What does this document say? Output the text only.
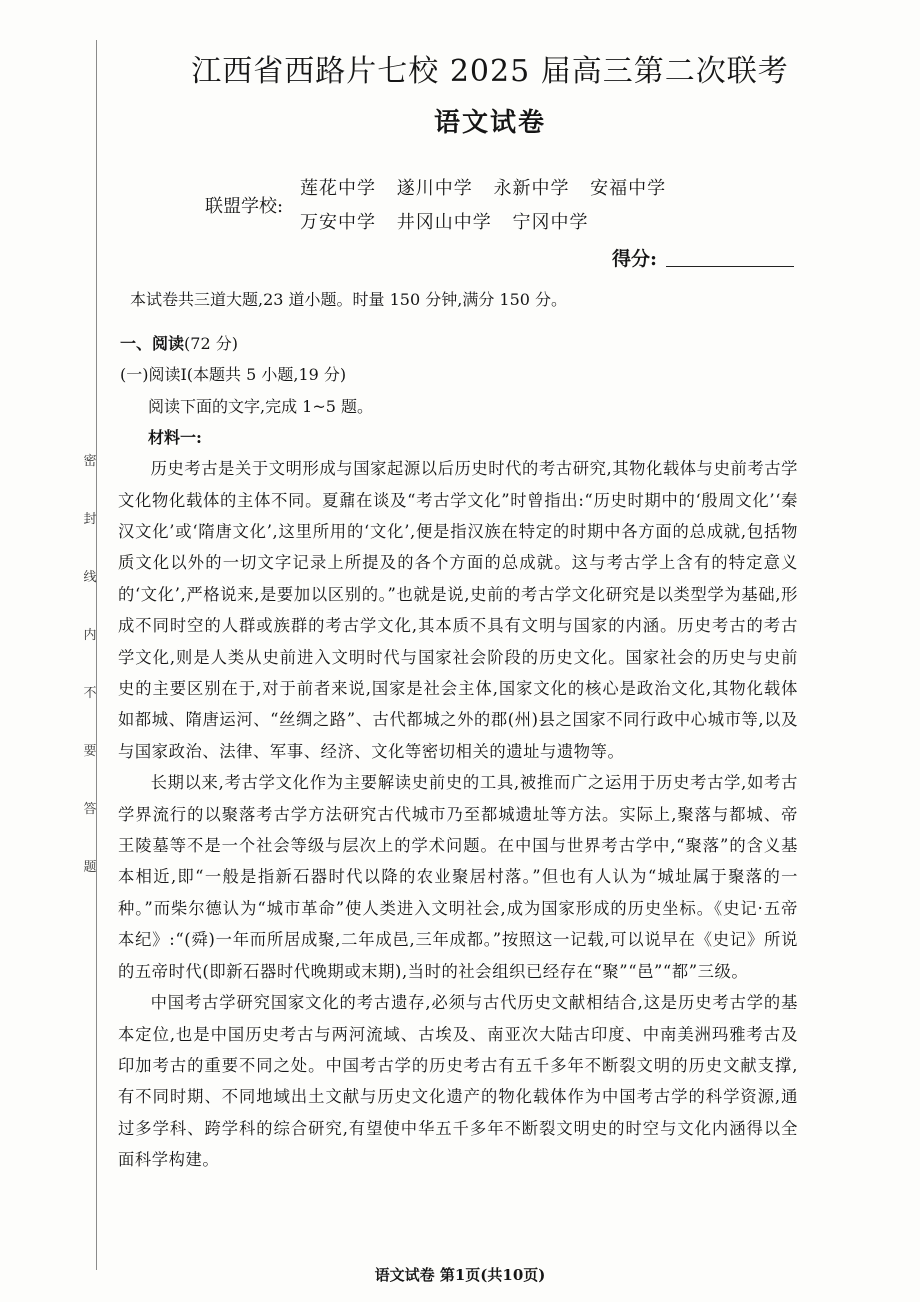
密
封
线
内
不
要
答
题
江西省西路片七校 2025 届高三第二次联考
语文试卷
联盟学校:
莲花中学 遂川中学 永新中学 安福中学
万安中学 井冈山中学 宁冈中学
得分:
本试卷共三道大题,23 道小题。时量 150 分钟,满分 150 分。
一、阅读(72 分)
(一)阅读Ⅰ(本题共 5 小题,19 分)
阅读下面的文字,完成 1~5 题。
材料一:

历史考古是关于文明形成与国家起源以后历史时代的考古研究,其物化载体与史前考古学文化物化载体的主体不同。夏鼐在谈及“考古学文化”时曾指出:“历史时期中的‘殷周文化’‘秦汉文化’或‘隋唐文化’,这里所用的‘文化’,便是指汉族在特定的时期中各方面的总成就,包括物质文化以外的一切文字记录上所提及的各个方面的总成就。这与考古学上含有的特定意义的‘文化’,严格说来,是要加以区别的。”也就是说,史前的考古学文化研究是以类型学为基础,形成不同时空的人群或族群的考古学文化,其本质不具有文明与国家的内涵。历史考古的考古学文化,则是人类从史前进入文明时代与国家社会阶段的历史文化。国家社会的历史与史前史的主要区别在于,对于前者来说,国家是社会主体,国家文化的核心是政治文化,其物化载体如都城、隋唐运河、“丝绸之路”、古代都城之外的郡(州)县之国家不同行政中心城市等,以及与国家政治、法律、军事、经济、文化等密切相关的遗址与遗物等。

长期以来,考古学文化作为主要解读史前史的工具,被推而广之运用于历史考古学,如考古学界流行的以聚落考古学方法研究古代城市乃至都城遗址等方法。实际上,聚落与都城、帝王陵墓等不是一个社会等级与层次上的学术问题。在中国与世界考古学中,“聚落”的含义基本相近,即“一般是指新石器时代以降的农业聚居村落。”但也有人认为“城址属于聚落的一种。”而柴尔德认为“城市革命”使人类进入文明社会,成为国家形成的历史坐标。《史记·五帝本纪》:“(舜)一年而所居成聚,二年成邑,三年成都。”按照这一记载,可以说早在《史记》所说的五帝时代(即新石器时代晚期或末期),当时的社会组织已经存在“聚”“邑”“都”三级。

中国考古学研究国家文化的考古遗存,必须与古代历史文献相结合,这是历史考古学的基本定位,也是中国历史考古与两河流域、古埃及、南亚次大陆古印度、中南美洲玛雅考古及印加考古的重要不同之处。中国考古学的历史考古有五千多年不断裂文明的历史文献支撑,有不同时期、不同地域出土文献与历史文化遗产的物化载体作为中国考古学的科学资源,通过多学科、跨学科的综合研究,有望使中华五千多年不断裂文明史的时空与文化内涵得以全面科学构建。

语文试卷 第1页(共10页)
